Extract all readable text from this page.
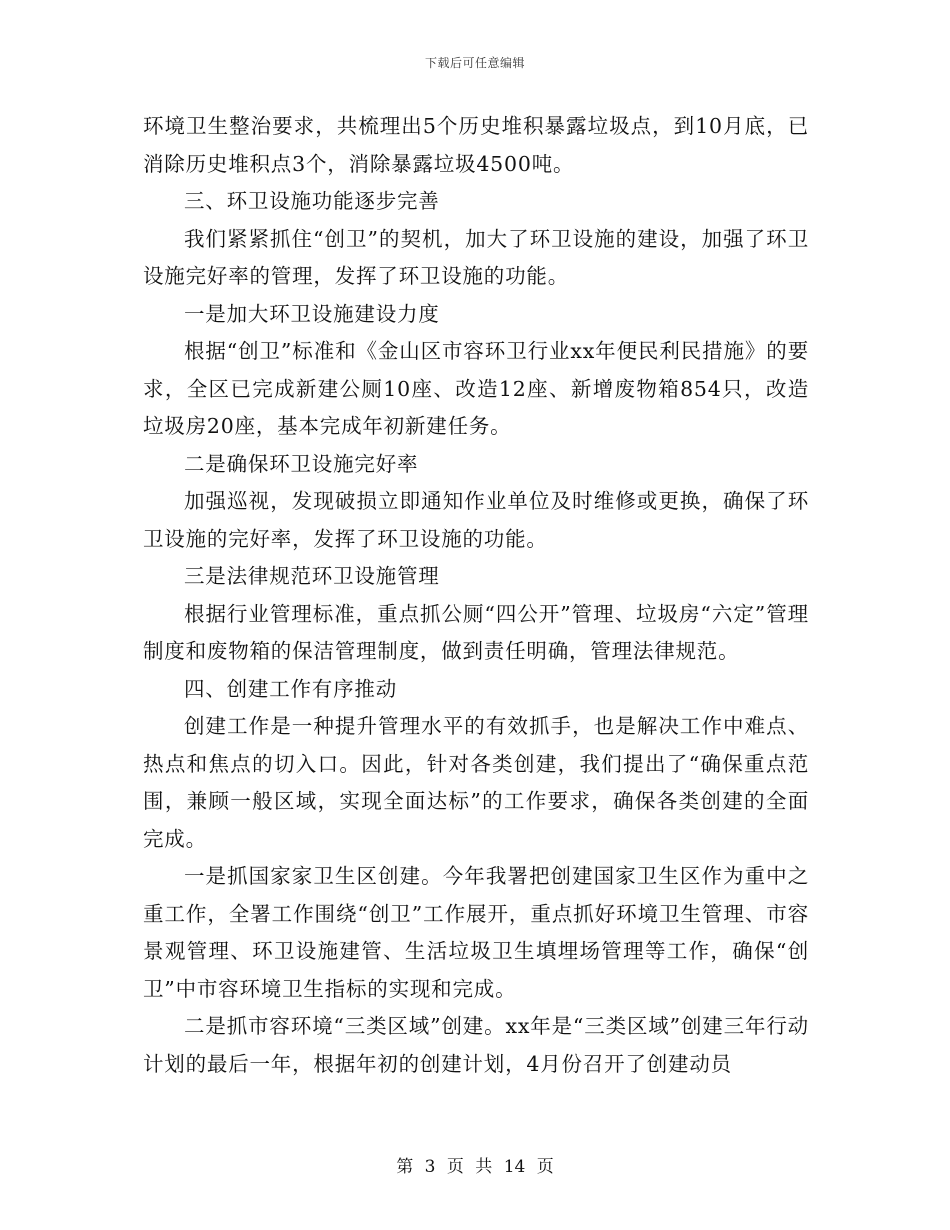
下载后可任意编辑

环境卫生整治要求，共梳理出5个历史堆积暴露垃圾点，到10月底，已消除历史堆积点3个，消除暴露垃圾4500吨。

三、环卫设施功能逐步完善

我们紧紧抓住“创卫”的契机，加大了环卫设施的建设，加强了环卫设施完好率的管理，发挥了环卫设施的功能。

一是加大环卫设施建设力度

根据“创卫”标准和《金山区市容环卫行业xx年便民利民措施》的要求，全区已完成新建公厕10座、改造12座、新增废物箱854只，改造垃圾房20座，基本完成年初新建任务。

二是确保环卫设施完好率

加强巡视，发现破损立即通知作业单位及时维修或更换，确保了环卫设施的完好率，发挥了环卫设施的功能。

三是法律规范环卫设施管理

根据行业管理标准，重点抓公厕“四公开”管理、垃圾房“六定”管理制度和废物箱的保洁管理制度，做到责任明确，管理法律规范。

四、创建工作有序推动

创建工作是一种提升管理水平的有效抓手，也是解决工作中难点、热点和焦点的切入口。因此，针对各类创建，我们提出了“确保重点范围，兼顾一般区域，实现全面达标”的工作要求，确保各类创建的全面完成。

一是抓国家家卫生区创建。今年我署把创建国家卫生区作为重中之重工作，全署工作围绕“创卫”工作展开，重点抓好环境卫生管理、市容景观管理、环卫设施建管、生活垃圾卫生填埋场管理等工作，确保“创卫”中市容环境卫生指标的实现和完成。

二是抓市容环境“三类区域”创建。xx年是“三类区域”创建三年行动计划的最后一年，根据年初的创建计划，4月份召开了创建动员

第 3 页 共 14 页
